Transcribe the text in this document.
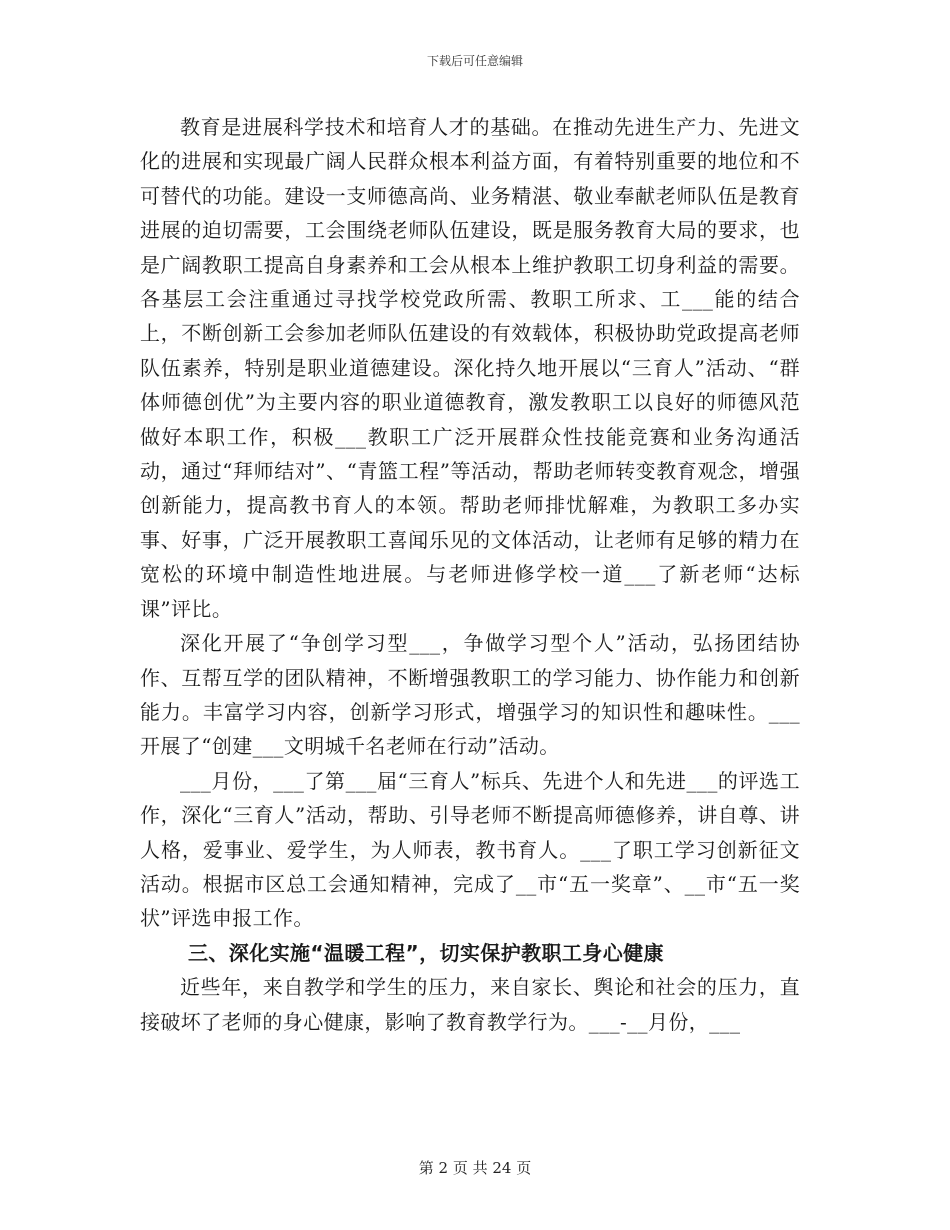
下载后可任意编辑

教育是进展科学技术和培育人才的基础。在推动先进生产力、先进文化的进展和实现最广阔人民群众根本利益方面，有着特别重要的地位和不可替代的功能。建设一支师德高尚、业务精湛、敬业奉献老师队伍是教育进展的迫切需要，工会围绕老师队伍建设，既是服务教育大局的要求，也是广阔教职工提高自身素养和工会从根本上维护教职工切身利益的需要。各基层工会注重通过寻找学校党政所需、教职工所求、工___能的结合上，不断创新工会参加老师队伍建设的有效载体，积极协助党政提高老师队伍素养，特别是职业道德建设。深化持久地开展以“三育人”活动、“群体师德创优”为主要内容的职业道德教育，激发教职工以良好的师德风范做好本职工作，积极___教职工广泛开展群众性技能竞赛和业务沟通活动，通过“拜师结对”、“青篮工程”等活动，帮助老师转变教育观念，增强创新能力，提高教书育人的本领。帮助老师排忧解难，为教职工多办实事、好事，广泛开展教职工喜闻乐见的文体活动，让老师有足够的精力在宽松的环境中制造性地进展。与老师进修学校一道___了新老师“达标课”评比。

深化开展了“争创学习型___，争做学习型个人”活动，弘扬团结协作、互帮互学的团队精神，不断增强教职工的学习能力、协作能力和创新能力。丰富学习内容，创新学习形式，增强学习的知识性和趣味性。___开展了“创建___文明城千名老师在行动”活动。

___月份，___了第___届“三育人”标兵、先进个人和先进___的评选工作，深化“三育人”活动，帮助、引导老师不断提高师德修养，讲自尊、讲人格，爱事业、爱学生，为人师表，教书育人。___了职工学习创新征文活动。根据市区总工会通知精神，完成了__市“五一奖章”、__市“五一奖状”评选申报工作。

三、深化实施“温暖工程”，切实保护教职工身心健康

近些年，来自教学和学生的压力，来自家长、舆论和社会的压力，直接破坏了老师的身心健康，影响了教育教学行为。___-__月份，___

第 2 页 共 24 页
